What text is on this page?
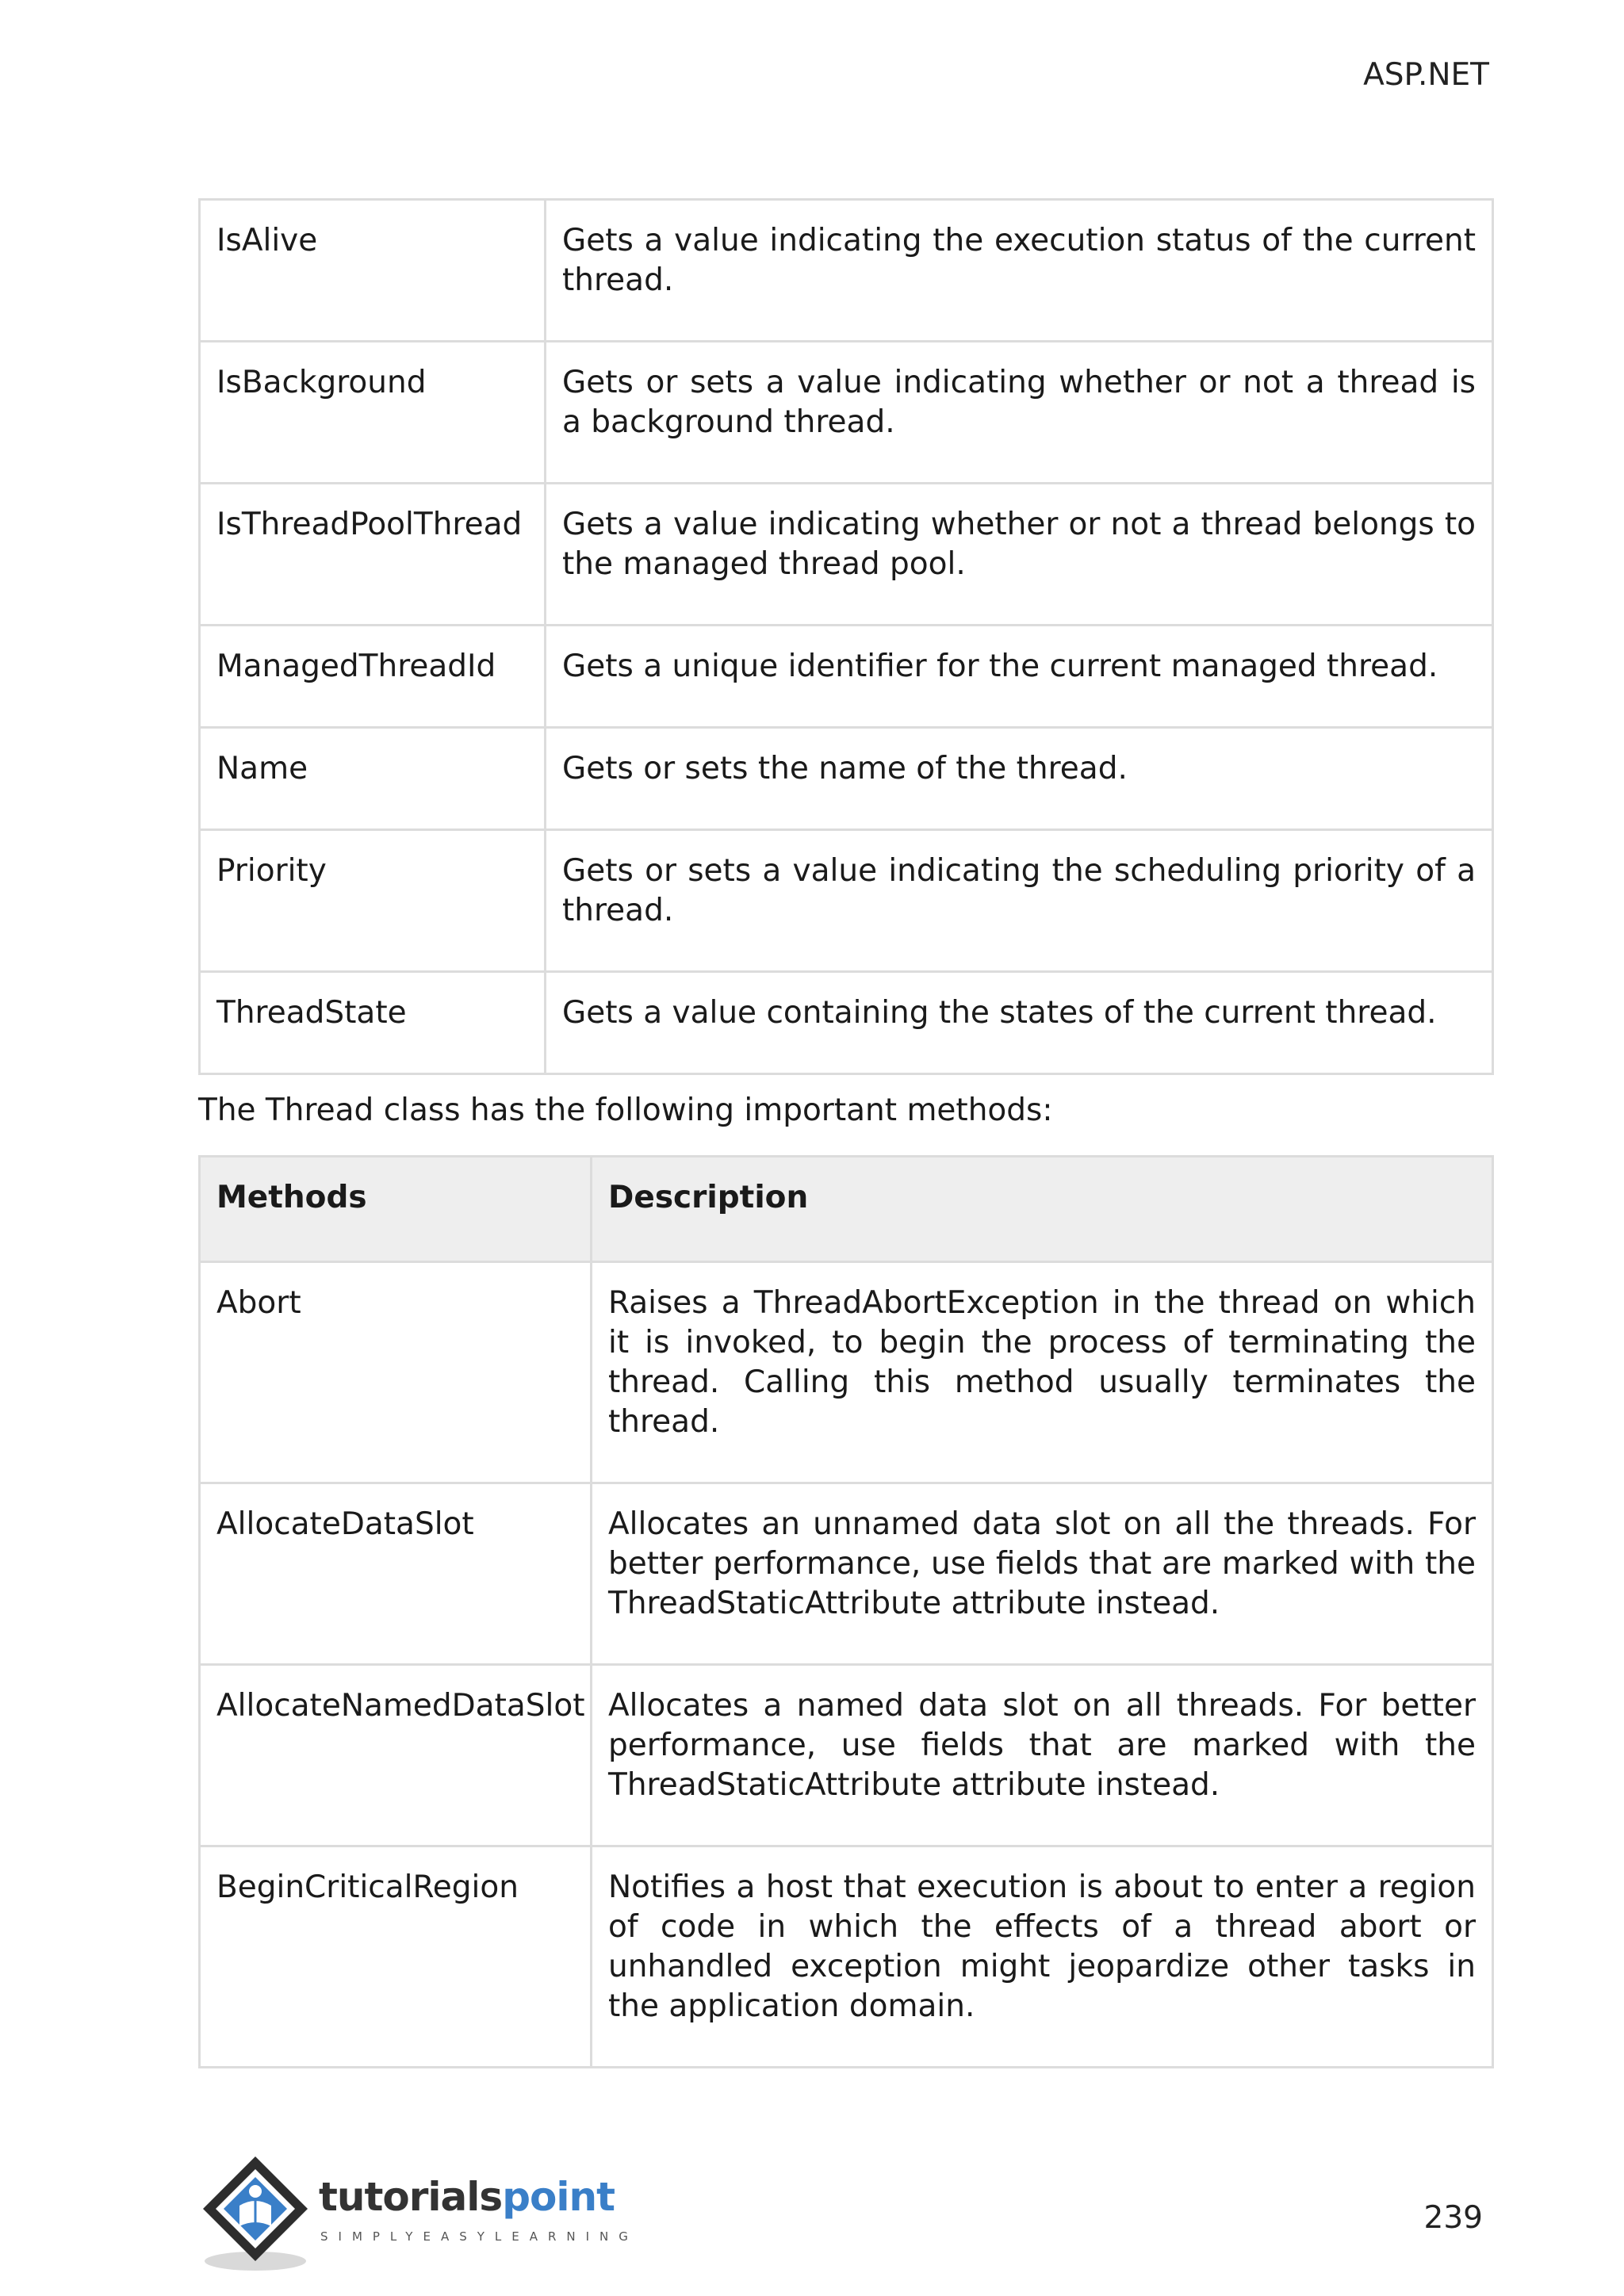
ASP.NET
IsAlive	Gets a value indicating the execution status of the current thread.
IsBackground	Gets or sets a value indicating whether or not a thread is a background thread.
IsThreadPoolThread	Gets a value indicating whether or not a thread belongs to the managed thread pool.
ManagedThreadId	Gets a unique identifier for the current managed thread.
Name	Gets or sets the name of the thread.
Priority	Gets or sets a value indicating the scheduling priority of a thread.
ThreadState	Gets a value containing the states of the current thread.
The Thread class has the following important methods:
Methods	Description
Abort	Raises a ThreadAbortException in the thread on which it is invoked, to begin the process of terminating the thread. Calling this method usually terminates the thread.
AllocateDataSlot	Allocates an unnamed data slot on all the threads. For better performance, use fields that are marked with the ThreadStaticAttribute attribute instead.
AllocateNamedDataSlot	Allocates a named data slot on all threads. For better performance, use fields that are marked with the ThreadStaticAttribute attribute instead.
BeginCriticalRegion	Notifies a host that execution is about to enter a region of code in which the effects of a thread abort or unhandled exception might jeopardize other tasks in the application domain.
tutorialspoint
SIMPLYEASYLEARNING
239
